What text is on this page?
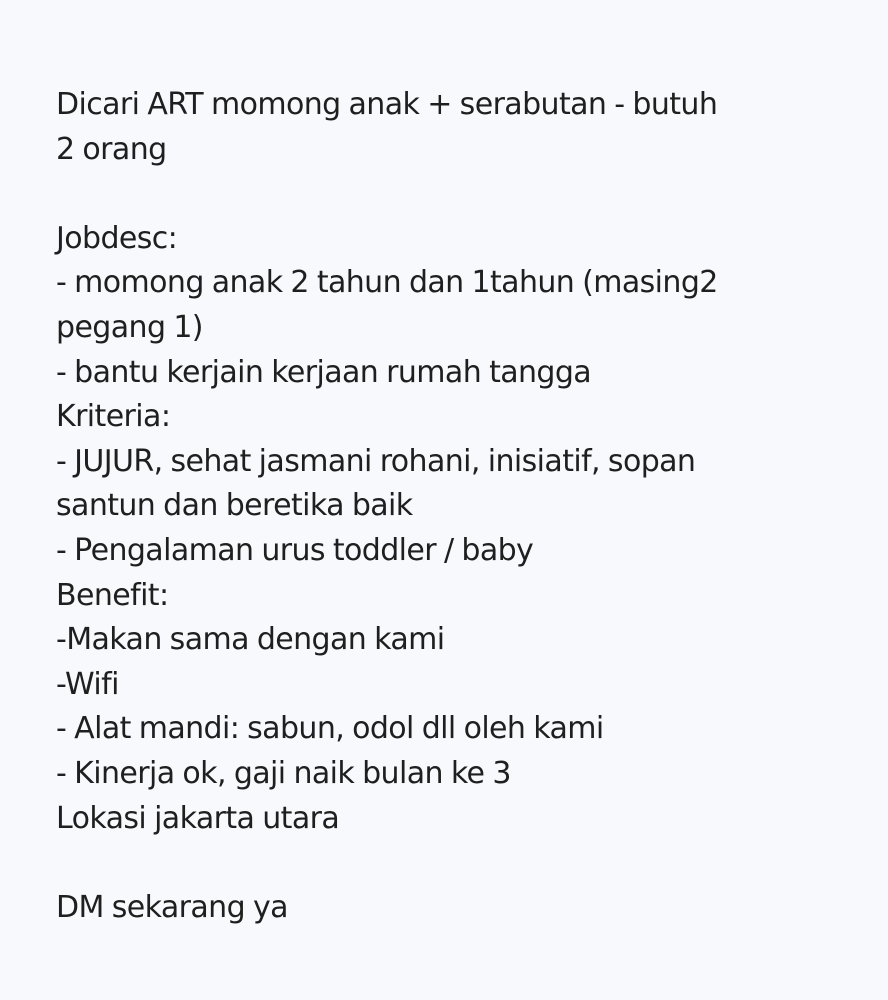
Dicari ART momong anak + serabutan - butuh
2 orang
Jobdesc:
- momong anak 2 tahun dan 1tahun (masing2
pegang 1)
- bantu kerjain kerjaan rumah tangga
Kriteria:
- JUJUR, sehat jasmani rohani, inisiatif, sopan
santun dan beretika baik
- Pengalaman urus toddler / baby
Benefit:
-Makan sama dengan kami
-Wifi
- Alat mandi: sabun, odol dll oleh kami
- Kinerja ok, gaji naik bulan ke 3
Lokasi jakarta utara
DM sekarang ya
